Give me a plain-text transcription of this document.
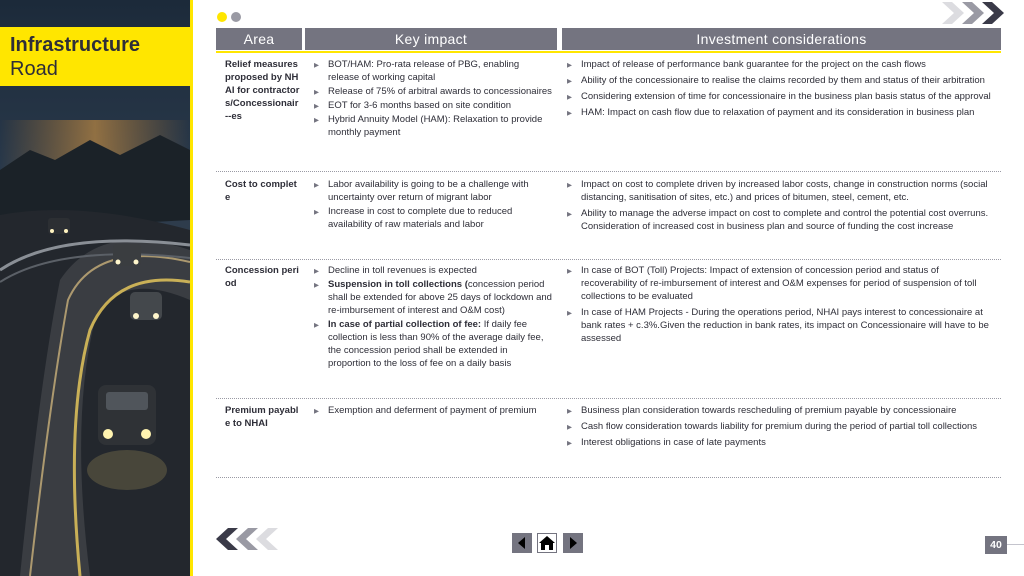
Infrastructure
Road
Area	Key impact	Investment considerations
Relief measures proposed by NHAI for contractors/Concessionair--es
▶ BOT/HAM: Pro-rata release of PBG, enabling release of working capital
▶ Release of 75% of arbitral awards to concessionaires
▶ EOT for 3-6 months based on site condition
▶ Hybrid Annuity Model (HAM): Relaxation to provide monthly payment
▶ Impact of release of performance bank guarantee for the project on the cash flows
▶ Ability of the concessionaire to realise the claims recorded by them and status of their arbitration
▶ Considering extension of time for concessionaire in the business plan basis status of the approval
▶ HAM: Impact on cash flow due to relaxation of payment and its consideration in business plan
Cost to complete
▶ Labor availability is going to be a challenge with uncertainty over return of migrant labor
▶ Increase in cost to complete due to reduced availability of raw materials and labor
▶ Impact on cost to complete driven by increased labor costs, change in construction norms (social distancing, sanitisation of sites, etc.) and prices of bitumen, steel, cement, etc.
▶ Ability to manage the adverse impact on cost to complete and control the potential cost overruns. Consideration of increased cost in business plan and source of funding the cost increase
Concession period
▶ Decline in toll revenues is expected
▶ Suspension in toll collections (concession period shall be extended for above 25 days of lockdown and re-imbursement of interest and O&M cost)
▶ In case of partial collection of fee: If daily fee collection is less than 90% of the average daily fee, the concession period shall be extended in proportion to the loss of fee on a daily basis
▶ In case of BOT (Toll) Projects: Impact of extension of concession period and status of recoverability of re-imbursement of interest and O&M expenses for period of suspension of toll collections to be evaluated
▶ In case of HAM Projects - During the operations period, NHAI pays interest to concessionaire at bank rates + c.3%.Given the reduction in bank rates, its impact on Concessionaire will have to be assessed
Premium payable to NHAI
▶ Exemption and deferment of payment of premium
▶	Business plan consideration towards rescheduling of premium payable by concessionaire
▶ Cash flow consideration towards liability for premium during the period of partial toll collections
▶ Interest obligations in case of late payments
40
